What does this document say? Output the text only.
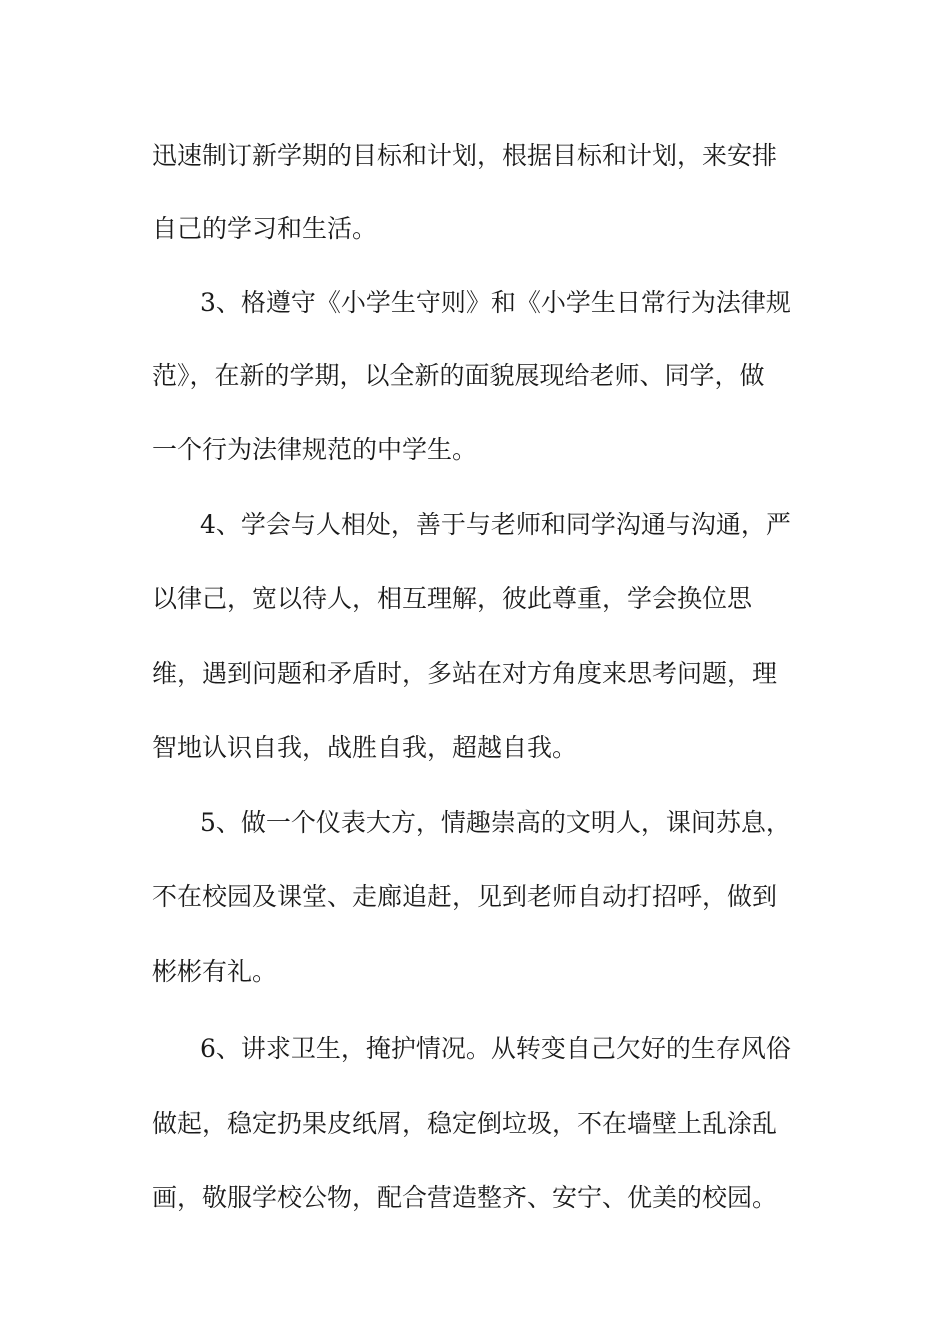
迅速制订新学期的目标和计划，根据目标和计划，来安排

自己的学习和生活。

3、格遵守《小学生守则》和《小学生日常行为法律规

范》，在新的学期，以全新的面貌展现给老师、同学，做

一个行为法律规范的中学生。

4、学会与人相处，善于与老师和同学沟通与沟通，严

以律己，宽以待人，相互理解，彼此尊重，学会换位思

维，遇到问题和矛盾时，多站在对方角度来思考问题，理

智地认识自我，战胜自我，超越自我。

5、做一个仪表大方，情趣崇高的文明人，课间苏息，

不在校园及课堂、走廊追赶，见到老师自动打招呼，做到

彬彬有礼。

6、讲求卫生，掩护情况。从转变自己欠好的生存风俗

做起，稳定扔果皮纸屑，稳定倒垃圾，不在墙壁上乱涂乱

画，敬服学校公物，配合营造整齐、安宁、优美的校园。
